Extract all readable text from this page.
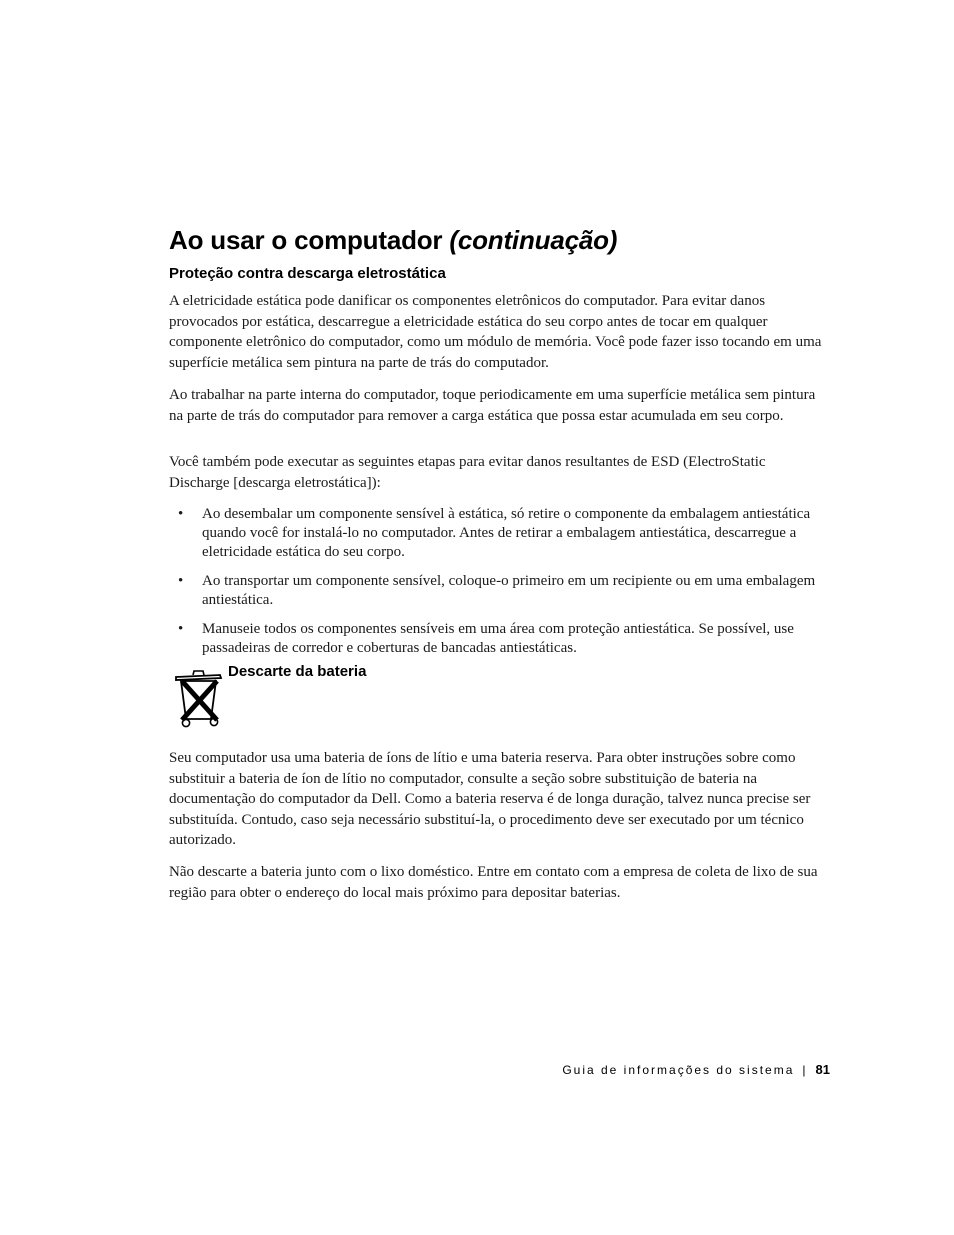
Ao usar o computador (continuação)
Proteção contra descarga eletrostática

A eletricidade estática pode danificar os componentes eletrônicos do computador. Para evitar danos provocados por estática, descarregue a eletricidade estática do seu corpo antes de tocar em qualquer componente eletrônico do computador, como um módulo de memória. Você pode fazer isso tocando em uma superfície metálica sem pintura na parte de trás do computador.

Ao trabalhar na parte interna do computador, toque periodicamente em uma superfície metálica sem pintura na parte de trás do computador para remover a carga estática que possa estar acumulada em seu corpo.

Você também pode executar as seguintes etapas para evitar danos resultantes de ESD (ElectroStatic Discharge [descarga eletrostática]):

• Ao desembalar um componente sensível à estática, só retire o componente da embalagem antiestática quando você for instalá-lo no computador. Antes de retirar a embalagem antiestática, descarregue a eletricidade estática do seu corpo.
• Ao transportar um componente sensível, coloque-o primeiro em um recipiente ou em uma embalagem antiestática.
• Manuseie todos os componentes sensíveis em uma área com proteção antiestática. Se possível, use passadeiras de corredor e coberturas de bancadas antiestáticas.
Descarte da bateria

Seu computador usa uma bateria de íons de lítio e uma bateria reserva. Para obter instruções sobre como substituir a bateria de íon de lítio no computador, consulte a seção sobre substituição de bateria na documentação do computador da Dell. Como a bateria reserva é de longa duração, talvez nunca precise ser substituída. Contudo, caso seja necessário substituí-la, o procedimento deve ser executado por um técnico autorizado.

Não descarte a bateria junto com o lixo doméstico. Entre em contato com a empresa de coleta de lixo de sua região para obter o endereço do local mais próximo para depositar baterias.

Guia de informações do sistema | 81
